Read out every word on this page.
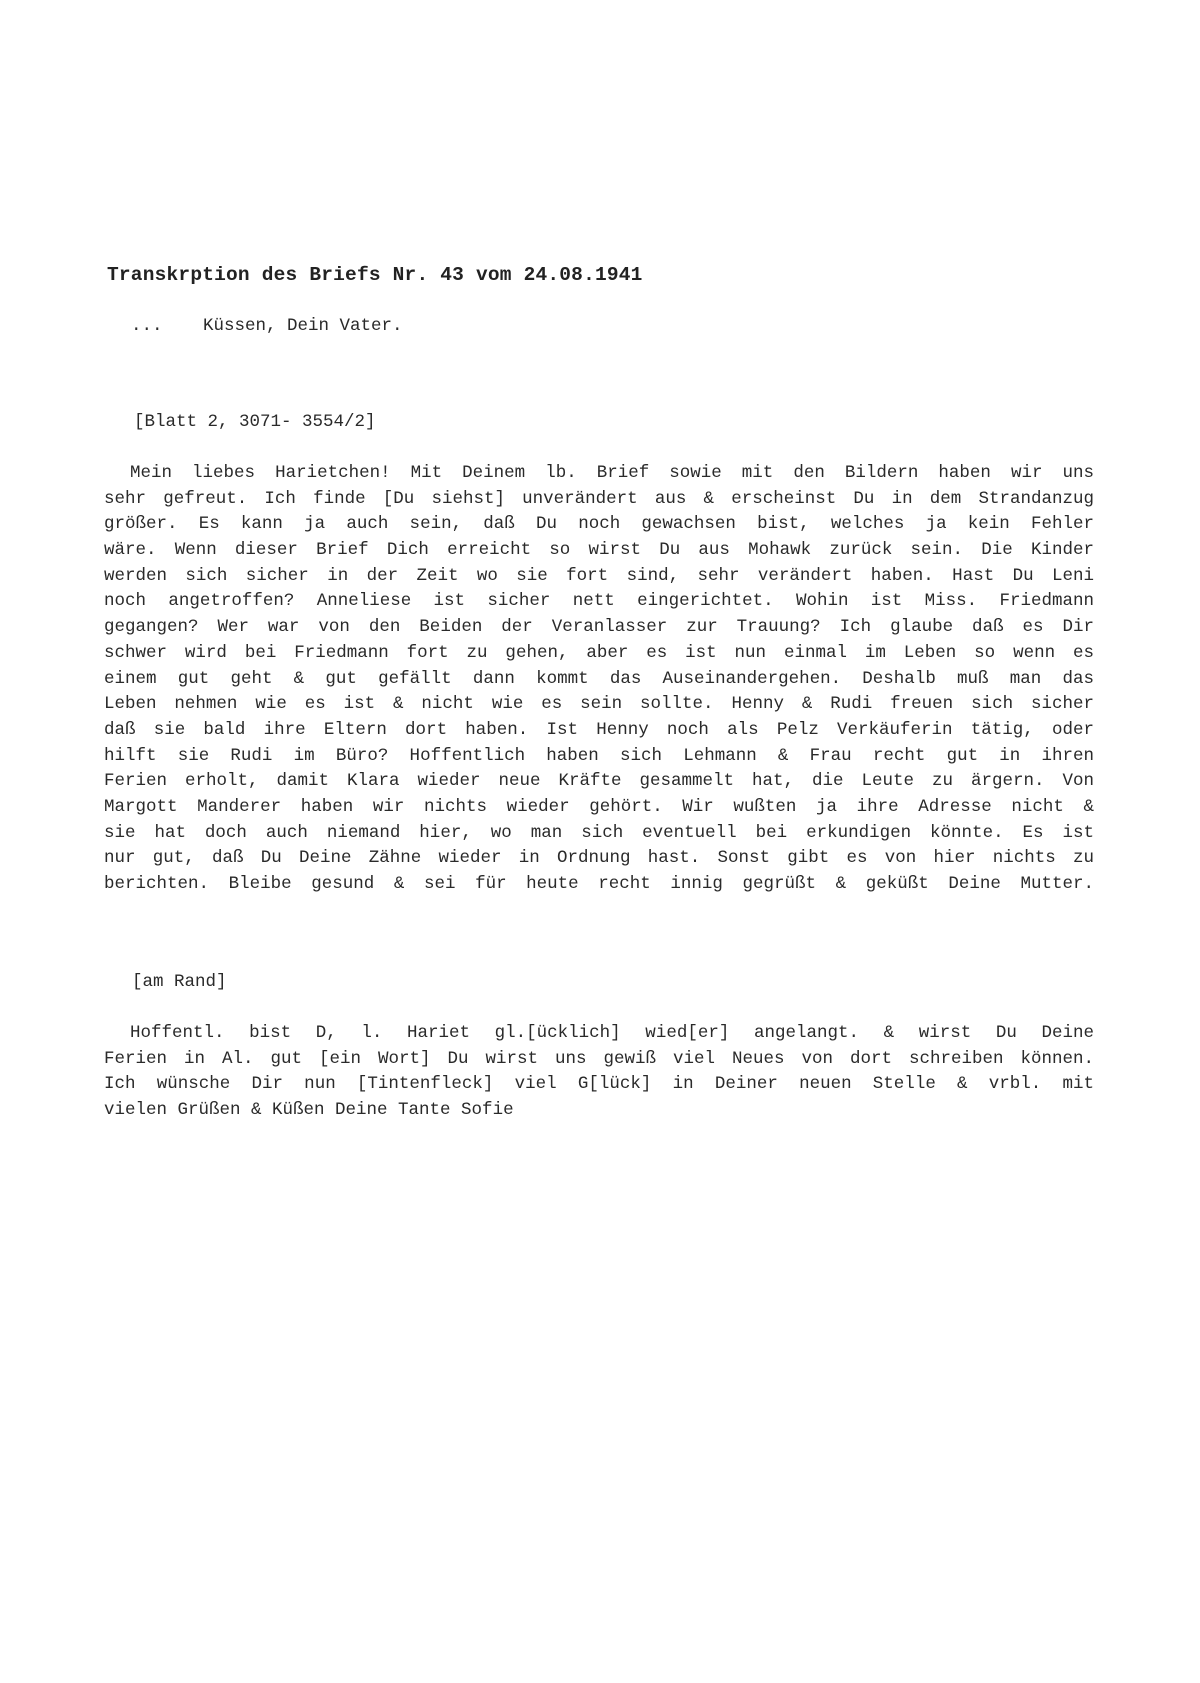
Transkrption des Briefs Nr. 43 vom 24.08.1941
... Küssen, Dein Vater.
[Blatt 2, 3071- 3554/2]
Mein liebes Harietchen! Mit Deinem lb. Brief sowie mit den Bildern haben wir uns
sehr gefreut. Ich finde [Du siehst] unverändert aus & erscheinst Du in dem Strandanzug
größer. Es kann ja auch sein, daß Du noch gewachsen bist, welches ja kein Fehler
wäre. Wenn dieser Brief Dich erreicht so wirst Du aus Mohawk zurück sein. Die Kinder
werden sich sicher in der Zeit wo sie fort sind, sehr verändert haben. Hast Du Leni
noch angetroffen? Anneliese ist sicher nett eingerichtet. Wohin ist Miss. Friedmann
gegangen? Wer war von den Beiden der Veranlasser zur Trauung? Ich glaube daß es Dir
schwer wird bei Friedmann fort zu gehen, aber es ist nun einmal im Leben so wenn es
einem gut geht & gut gefällt dann kommt das Auseinandergehen. Deshalb muß man das
Leben nehmen wie es ist & nicht wie es sein sollte. Henny & Rudi freuen sich sicher
daß sie bald ihre Eltern dort haben. Ist Henny noch als Pelz Verkäuferin tätig, oder
hilft sie Rudi im Büro? Hoffentlich haben sich Lehmann & Frau recht gut in ihren
Ferien erholt, damit Klara wieder neue Kräfte gesammelt hat, die Leute zu ärgern. Von
Margott Manderer haben wir nichts wieder gehört. Wir wußten ja ihre Adresse nicht &
sie hat doch auch niemand hier, wo man sich eventuell bei erkundigen könnte. Es ist
nur gut, daß Du Deine Zähne wieder in Ordnung hast. Sonst gibt es von hier nichts zu
berichten. Bleibe gesund & sei für heute recht innig gegrüßt & geküßt Deine Mutter.
[am Rand]
Hoffentl. bist D, l. Hariet gl.[ücklich] wied[er] angelangt. & wirst Du Deine
Ferien in Al. gut [ein Wort] Du wirst uns gewiß viel Neues von dort schreiben können.
Ich wünsche Dir nun [Tintenfleck] viel G[lück] in Deiner neuen Stelle & vrbl. mit
vielen Grüßen & Küßen Deine Tante Sofie
